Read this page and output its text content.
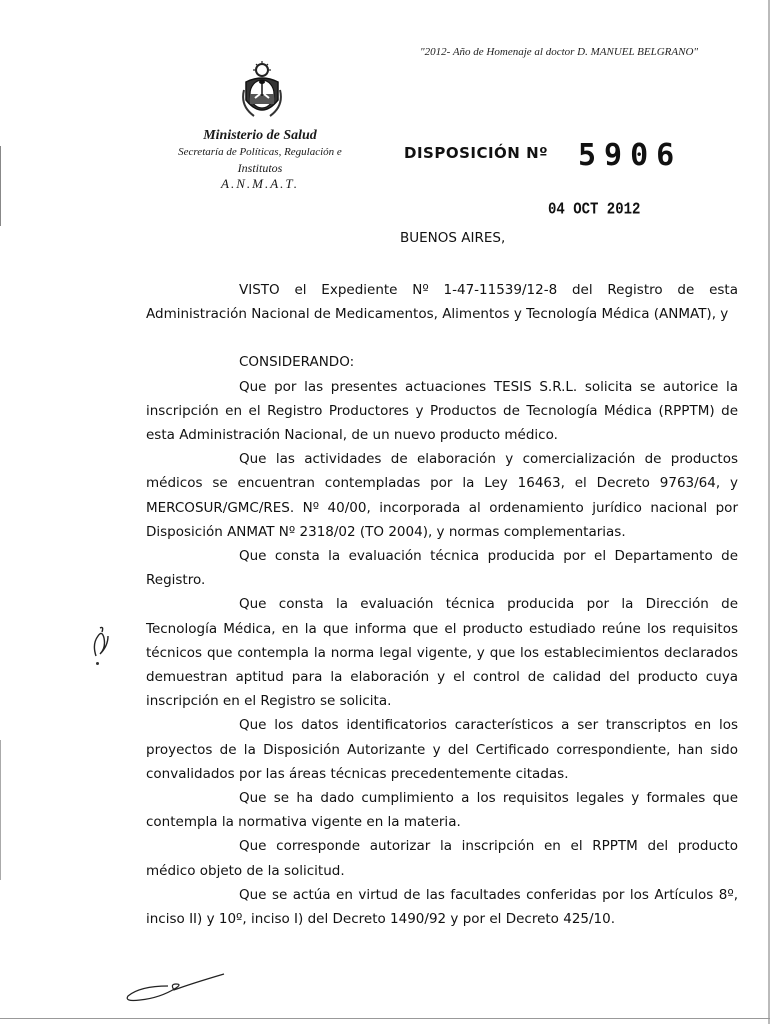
"2012- Año de Homenaje al doctor D. MANUEL BELGRANO"
Ministerio de Salud
Secretaría de Políticas, Regulación e
Institutos
A.N.M.A.T.
DISPOSICIÓN Nº 5906
04 OCT 2012
BUENOS AIRES,

VISTO el Expediente Nº 1-47-11539/12-8 del Registro de esta Administración Nacional de Medicamentos, Alimentos y Tecnología Médica (ANMAT), y

CONSIDERANDO:

Que por las presentes actuaciones TESIS S.R.L. solicita se autorice la inscripción en el Registro Productores y Productos de Tecnología Médica (RPPTM) de esta Administración Nacional, de un nuevo producto médico.

Que las actividades de elaboración y comercialización de productos médicos se encuentran contempladas por la Ley 16463, el Decreto 9763/64, y MERCOSUR/GMC/RES. Nº 40/00, incorporada al ordenamiento jurídico nacional por Disposición ANMAT Nº 2318/02 (TO 2004), y normas complementarias.

Que consta la evaluación técnica producida por el Departamento de Registro.

Que consta la evaluación técnica producida por la Dirección de Tecnología Médica, en la que informa que el producto estudiado reúne los requisitos técnicos que contempla la norma legal vigente, y que los establecimientos declarados demuestran aptitud para la elaboración y el control de calidad del producto cuya inscripción en el Registro se solicita.

Que los datos identificatorios característicos a ser transcriptos en los proyectos de la Disposición Autorizante y del Certificado correspondiente, han sido convalidados por las áreas técnicas precedentemente citadas.

Que se ha dado cumplimiento a los requisitos legales y formales que contempla la normativa vigente en la materia.

Que corresponde autorizar la inscripción en el RPPTM del producto médico objeto de la solicitud.

Que se actúa en virtud de las facultades conferidas por los Artículos 8º, inciso II) y 10º, inciso I) del Decreto 1490/92 y por el Decreto 425/10.
